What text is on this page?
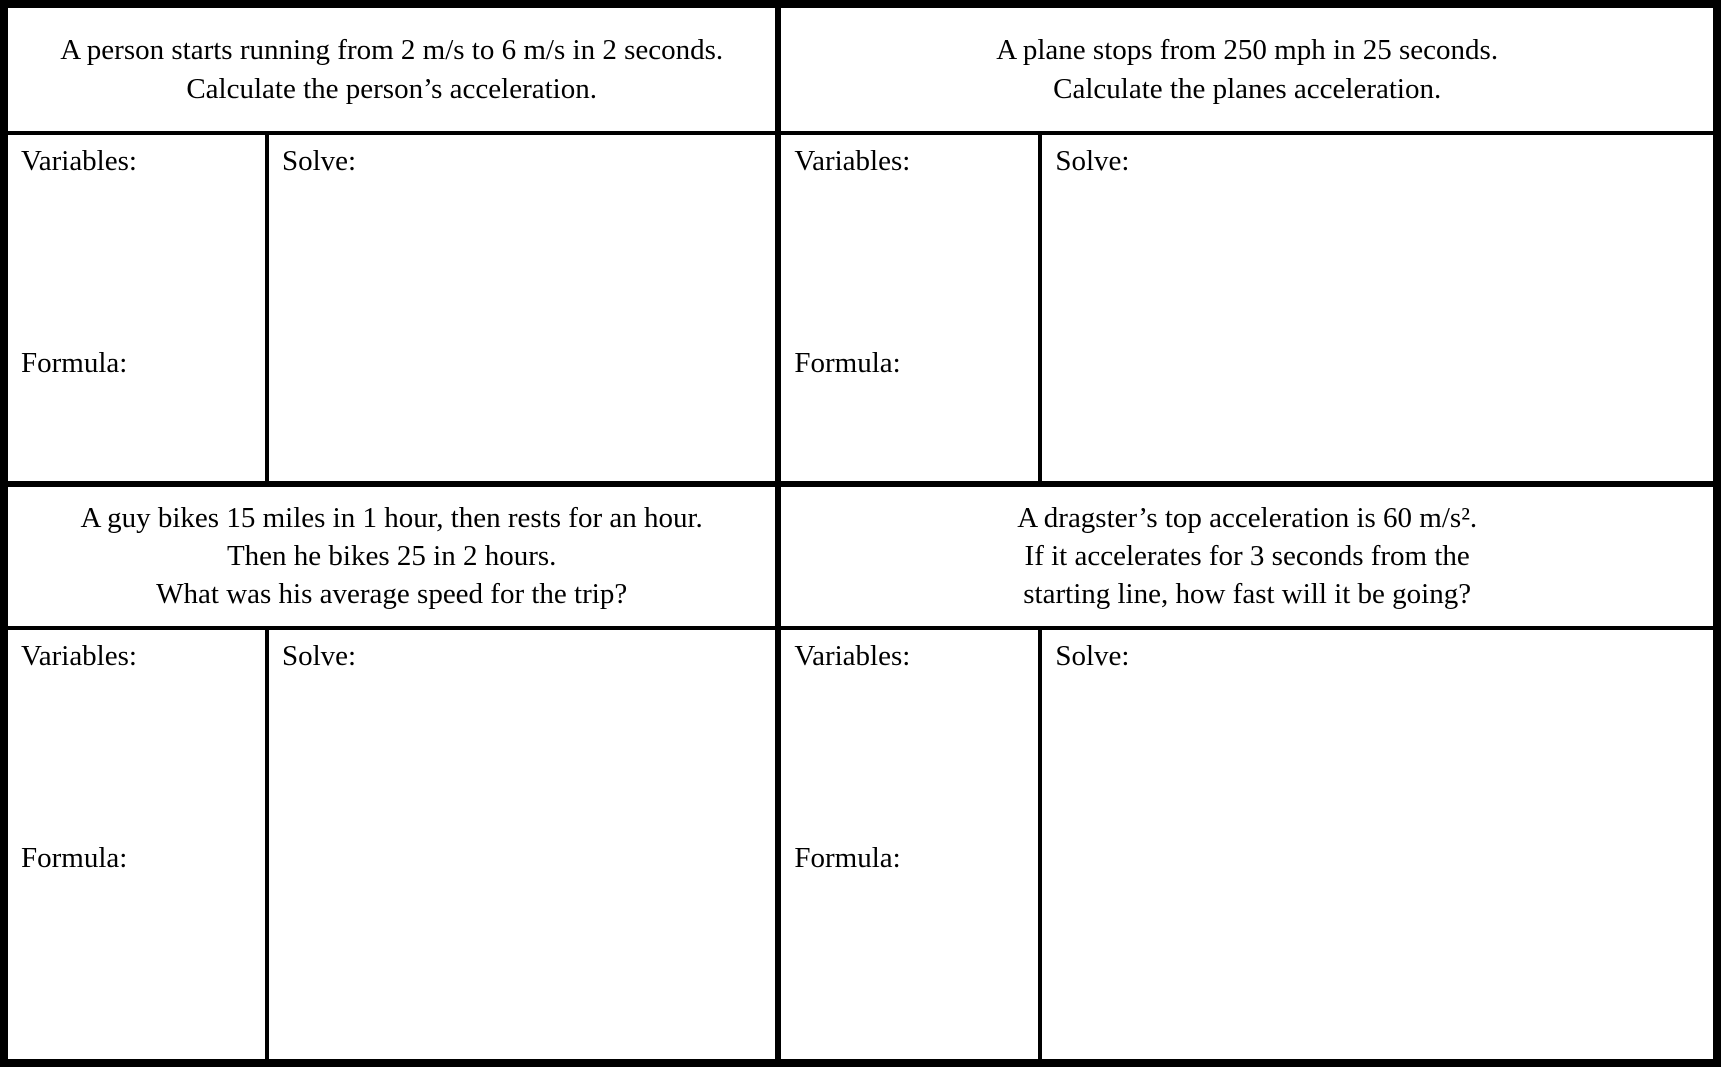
A person starts running from 2 m/s to 6 m/s in 2 seconds.
Calculate the person’s acceleration.
Variables:
Formula:
Solve:
A plane stops from 250 mph in 25 seconds.
Calculate the planes acceleration.
Variables:
Formula:
Solve:
A guy bikes 15 miles in 1 hour, then rests for an hour.
Then he bikes 25 in 2 hours.
What was his average speed for the trip?
Variables:
Formula:
Solve:
A dragster’s top acceleration is 60 m/s².
If it accelerates for 3 seconds from the
starting line, how fast will it be going?
Variables:
Formula:
Solve:
